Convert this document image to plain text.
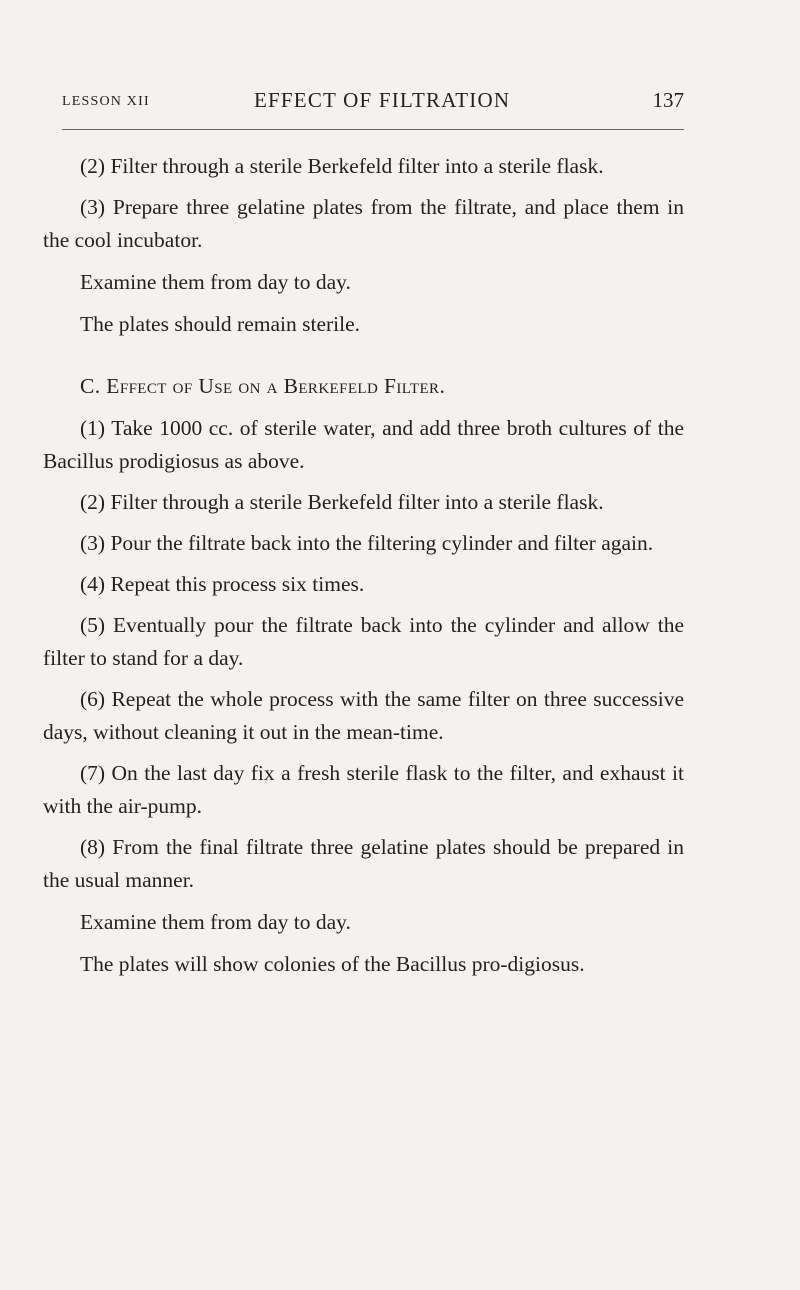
LESSON XII	EFFECT OF FILTRATION	137

(2) Filter through a sterile Berkefeld filter into a sterile flask.

(3) Prepare three gelatine plates from the filtrate, and place them in the cool incubator.

Examine them from day to day.

The plates should remain sterile.

C. Effect of Use on a Berkefeld Filter.

(1) Take 1000 cc. of sterile water, and add three broth cultures of the Bacillus prodigiosus as above.

(2) Filter through a sterile Berkefeld filter into a sterile flask.

(3) Pour the filtrate back into the filtering cylinder and filter again.

(4) Repeat this process six times.

(5) Eventually pour the filtrate back into the cylinder and allow the filter to stand for a day.

(6) Repeat the whole process with the same filter on three successive days, without cleaning it out in the mean-time.

(7) On the last day fix a fresh sterile flask to the filter, and exhaust it with the air-pump.

(8) From the final filtrate three gelatine plates should be prepared in the usual manner.

Examine them from day to day.

The plates will show colonies of the Bacillus pro-digiosus.
